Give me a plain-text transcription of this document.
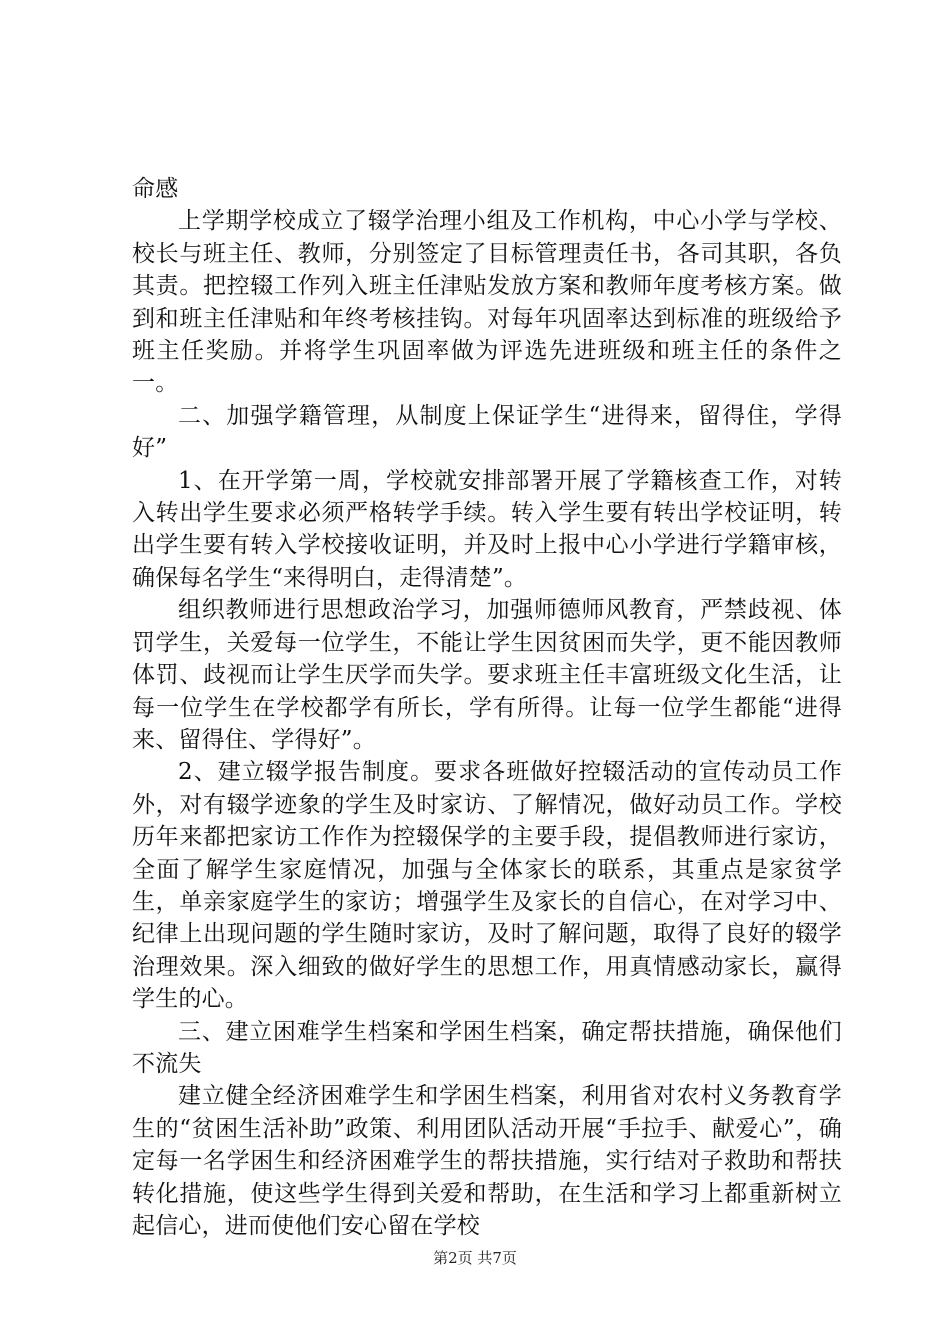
命感

上学期学校成立了辍学治理小组及工作机构，中心小学与学校、校长与班主任、教师，分别签定了目标管理责任书，各司其职，各负其责。把控辍工作列入班主任津贴发放方案和教师年度考核方案。做到和班主任津贴和年终考核挂钩。对每年巩固率达到标准的班级给予班主任奖励。并将学生巩固率做为评选先进班级和班主任的条件之一。

二、加强学籍管理，从制度上保证学生“进得来，留得住，学得好”

1、在开学第一周，学校就安排部署开展了学籍核查工作，对转入转出学生要求必须严格转学手续。转入学生要有转出学校证明，转出学生要有转入学校接收证明，并及时上报中心小学进行学籍审核，确保每名学生“来得明白，走得清楚”。

组织教师进行思想政治学习，加强师德师风教育，严禁歧视、体罚学生，关爱每一位学生，不能让学生因贫困而失学，更不能因教师体罚、歧视而让学生厌学而失学。要求班主任丰富班级文化生活，让每一位学生在学校都学有所长，学有所得。让每一位学生都能“进得来、留得住、学得好”。

2、建立辍学报告制度。要求各班做好控辍活动的宣传动员工作外，对有辍学迹象的学生及时家访、了解情况，做好动员工作。学校历年来都把家访工作作为控辍保学的主要手段，提倡教师进行家访，全面了解学生家庭情况，加强与全体家长的联系，其重点是家贫学生，单亲家庭学生的家访；增强学生及家长的自信心，在对学习中、纪律上出现问题的学生随时家访，及时了解问题，取得了良好的辍学治理效果。深入细致的做好学生的思想工作，用真情感动家长，赢得学生的心。

三、建立困难学生档案和学困生档案，确定帮扶措施，确保他们不流失

建立健全经济困难学生和学困生档案，利用省对农村义务教育学生的“贫困生活补助”政策、利用团队活动开展“手拉手、献爱心”，确定每一名学困生和经济困难学生的帮扶措施，实行结对子救助和帮扶转化措施，使这些学生得到关爱和帮助，在生活和学习上都重新树立起信心，进而使他们安心留在学校

第2页 共7页
